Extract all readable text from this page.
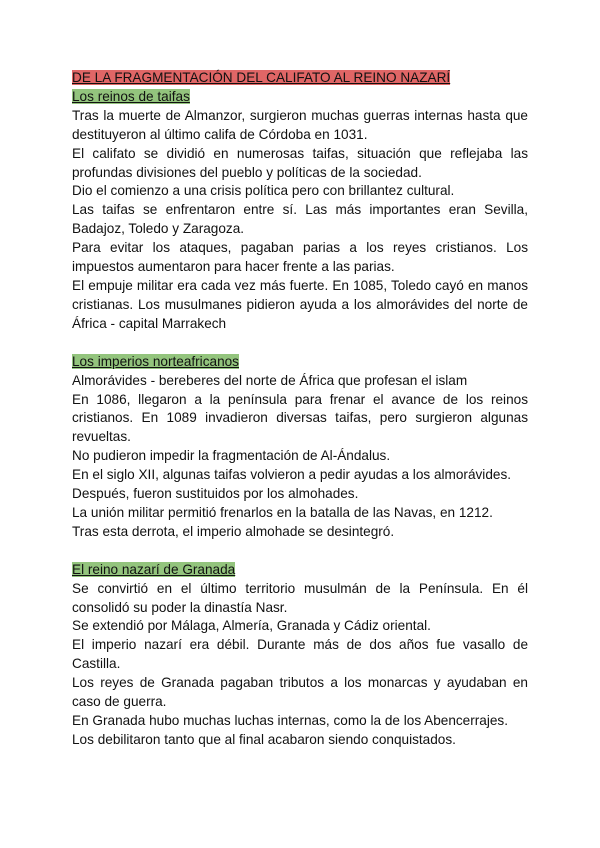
DE LA FRAGMENTACIÓN DEL CALIFATO AL REINO NAZARÍ

Los reinos de taifas

Tras la muerte de Almanzor, surgieron muchas guerras internas hasta que destituyeron al último califa de Córdoba en 1031.

El califato se dividió en numerosas taifas, situación que reflejaba las profundas divisiones del pueblo y políticas de la sociedad.

Dio el comienzo a una crisis política pero con brillantez cultural.

Las taifas se enfrentaron entre sí. Las más importantes eran Sevilla, Badajoz, Toledo y Zaragoza.

Para evitar los ataques, pagaban parias a los reyes cristianos. Los impuestos aumentaron para hacer frente a las parias.

El empuje militar era cada vez más fuerte. En 1085, Toledo cayó en manos cristianas. Los musulmanes pidieron ayuda a los almorávides del norte de África - capital Marrakech

Los imperios norteafricanos

Almorávides - bereberes del norte de África que profesan el islam

En 1086, llegaron a la península para frenar el avance de los reinos cristianos. En 1089 invadieron diversas taifas, pero surgieron algunas revueltas.

No pudieron impedir la fragmentación de Al-Ándalus.

En el siglo XII, algunas taifas volvieron a pedir ayudas a los almorávides.

Después, fueron sustituidos por los almohades.

La unión militar permitió frenarlos en la batalla de las Navas, en 1212.

Tras esta derrota, el imperio almohade se desintegró.

El reino nazarí de Granada

Se convirtió en el último territorio musulmán de la Península. En él consolidó su poder la dinastía Nasr.

Se extendió por Málaga, Almería, Granada y Cádiz oriental.

El imperio nazarí era débil. Durante más de dos años fue vasallo de Castilla.

Los reyes de Granada pagaban tributos a los monarcas y ayudaban en caso de guerra.

En Granada hubo muchas luchas internas, como la de los Abencerrajes.

Los debilitaron tanto que al final acabaron siendo conquistados.
